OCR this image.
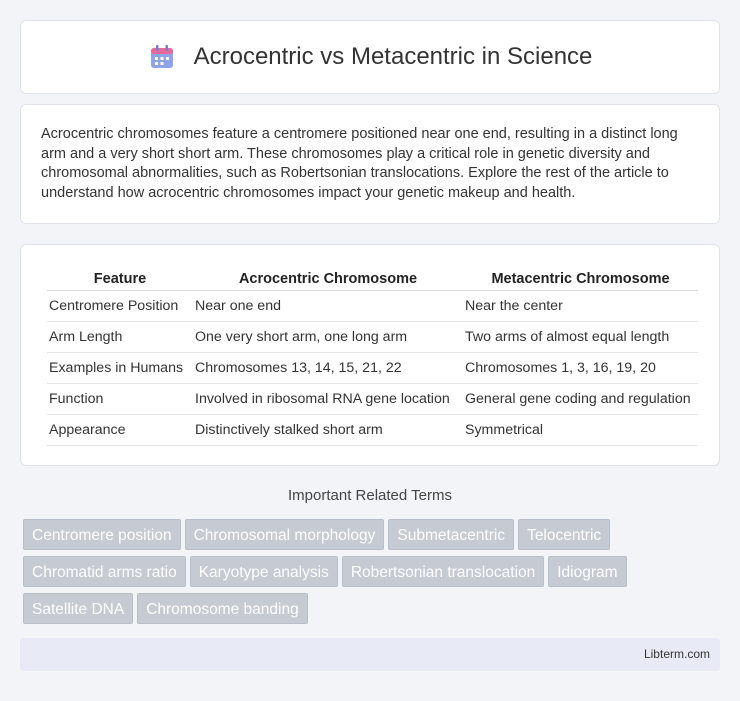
Acrocentric vs Metacentric in Science

Acrocentric chromosomes feature a centromere positioned near one end, resulting in a distinct long arm and a very short short arm. These chromosomes play a critical role in genetic diversity and chromosomal abnormalities, such as Robertsonian translocations. Explore the rest of the article to understand how acrocentric chromosomes impact your genetic makeup and health.

Feature	Acrocentric Chromosome	Metacentric Chromosome
Centromere Position	Near one end	Near the center
Arm Length	One very short arm, one long arm	Two arms of almost equal length
Examples in Humans	Chromosomes 13, 14, 15, 21, 22	Chromosomes 1, 3, 16, 19, 20
Function	Involved in ribosomal RNA gene location	General gene coding and regulation
Appearance	Distinctively stalked short arm	Symmetrical
Important Related Terms
Centromere position Chromosomal morphology Submetacentric Telocentric
Chromatid arms ratio Karyotype analysis Robertsonian translocation Idiogram
Satellite DNA Chromosome banding
Libterm.com
